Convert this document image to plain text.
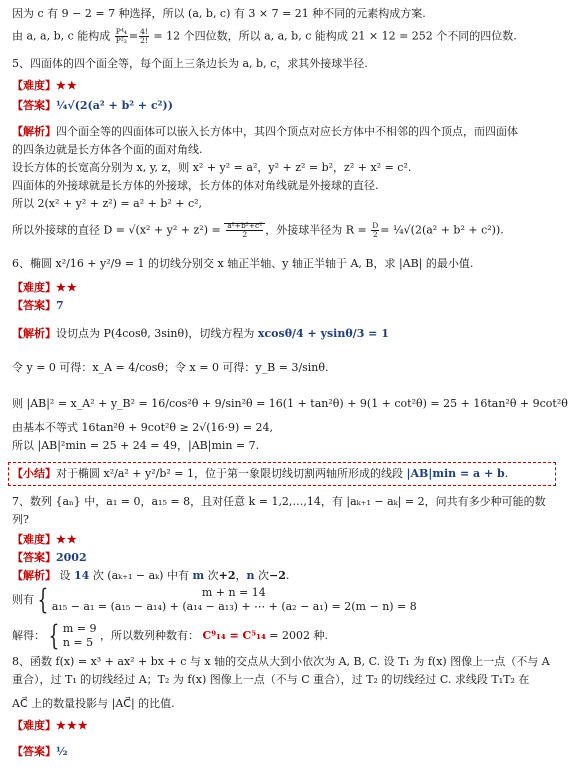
因为 c 有 9 − 2 = 7 种选择，所以 (a, b, c) 有 3 × 7 = 21 种不同的元素构成方案.
由 a, a, b, c 能构成 $\frac{\text{P⁴₄}}{\text{P²₂}} = \frac{4!}{2!} = 12$ 个四位数，所以 a, a, b, c 能构成 21 × 12 = 252 个不同的四位数.
5、四面体的四个面全等，每个面上三条边长为 a, b, c，求其外接球半径.
【难度】★★
【答案】¼√(2(a² + b² + c²))
【解析】四个面全等的四面体可以嵌入长方体中，其四个顶点对应长方体中不相邻的四个顶点，而四面体
的四条边就是长方体各个面的面对角线.
设长方体的长宽高分别为 x, y, z，则 x² + y² = a²，y² + z² = b²，z² + x² = c².
四面体的外接球就是长方体的外接球，长方体的体对角线就是外接球的直径.
所以 2(x² + y² + z²) = a² + b² + c²,
所以外接球的直径 $D = √(x^2 + y^2 + z^2) = \frac{\text{a²+b²+c²}}{2}$ ，外接球半径为 $R = \frac{D}{2}$ = ¼√(2(a² + b² + c²)).
6、椭圆 x²/16 + y²/9 = 1 的切线分别交 x 轴正半轴、y 轴正半轴于 A, B，求 |AB| 的最小值.
【难度】★★
【答案】7
【解析】设切点为 P(4cosθ, 3sinθ)，切线方程为 xcosθ/4 + ysinθ/3 = 1
令 y = 0 可得：x_A = 4/cosθ；令 x = 0 可得：y_B = 3/sinθ.
则 |AB|² = x_A² + y_B² = 16/cos²θ + 9/sin²θ = 16(1 + tan²θ) + 9(1 + cot²θ) = 25 + 16tan²θ + 9cot²θ
由基本不等式 16tan²θ + 9cot²θ ≥ 2√(16·9) = 24,
所以 |AB|²min = 25 + 24 = 49，|AB|min = 7.
【小结】对于椭圆 x²/a² + y²/b² = 1，位于第一象限切线切割两轴所形成的线段 |AB|min = a + b.
7、数列 {aₙ} 中，a₁ = 0，a₁₅ = 8，且对任意 k = 1,2,…,14，有 |aₖ₊₁ − aₖ| = 2，问共有多少种可能的数
列?
【难度】★★
【答案】2002
【解析】 设 14 次 (aₖ₊₁ − aₖ) 中有 m 次+2，n 次−2.
则有 {	m + n = 14
a₁₅ − a₁ = (a₁₅ − a₁₄) + (a₁₄ − a₁₃) + ⋯ + (a₂ − a₁) = 2(m − n) = 8
解得： { m = 9
n = 5
，所以数列种数有： C⁹₁₄ = C⁵₁₄ = 2002 种.
8、函数 f(x) = x³ + ax² + bx + c 与 x 轴的交点从大到小依次为 A, B, C. 设 T₁ 为 f(x) 图像上一点（不与 A
重合），过 T₁ 的切线经过 A；T₂ 为 f(x) 图像上一点（不与 C 重合），过 T₂ 的切线经过 C. 求线段 T₁T₂ 在
AC⃗ 上的数量投影与 |AC⃗| 的比值.
【难度】★★★
【答案】½
